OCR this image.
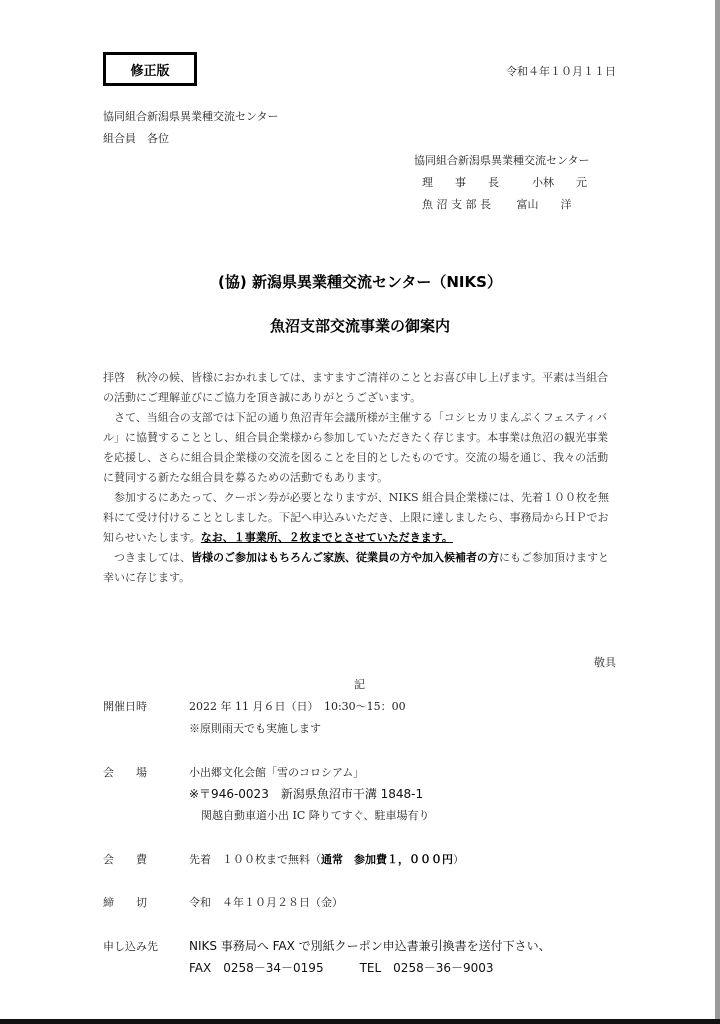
修正版	令和４年１０月１１日
協同組合新潟県異業種交流センター
組合員　各位
協同組合新潟県異業種交流センター
理　　事　　長　　　小林　　元
魚 沼 支 部 長　　 富山　　洋
(協) 新潟県異業種交流センター（NIKS）
魚沼支部交流事業の御案内

拝啓　秋冷の候、皆様におかれましては、ますますご清祥のこととお喜び申し上げます。平素は当組合の活動にご理解並びにご協力を頂き誠にありがとうございます。

　さて、当組合の支部では下記の通り魚沼青年会議所様が主催する「コシヒカリまんぷくフェスティバル」に協賛することとし、組合員企業様から参加していただきたく存じます。本事業は魚沼の観光事業を応援し、さらに組合員企業様の交流を図ることを目的としたものです。交流の場を通じ、我々の活動に賛同する新たな組合員を募るための活動でもあります。

　参加するにあたって、クーポン券が必要となりますが、NIKS 組合員企業様には、先着１００枚を無料にて受け付けることとしました。下記へ申込みいただき、上限に達しましたら、事務局からＨＰでお知らせいたします。なお、１事業所、２枚までとさせていただきます。

　つきましては、皆様のご参加はもちろんご家族、従業員の方や加入候補者の方にもご参加頂けますと幸いに存じます。

敬具
記
開催日時	2022 年 11 月６日（日）　10:30～15：00
※原則雨天でも実施します
会　　場	小出郷文化会館「雪のコロシアム」
※〒946‐0023　新潟県魚沼市干溝 1848‐1
関越自動車道小出 IC 降りてすぐ、駐車場有り
会　　費	先着　１００枚まで無料（通常　参加費１，０００円）
締　　切	令和　４年１０月２８日（金）
申し込み先	NIKS 事務局へ FAX で別紙クーポン申込書兼引換書を送付下さい、
FAX　0258－34－0195　　　TEL　0258－36－9003
